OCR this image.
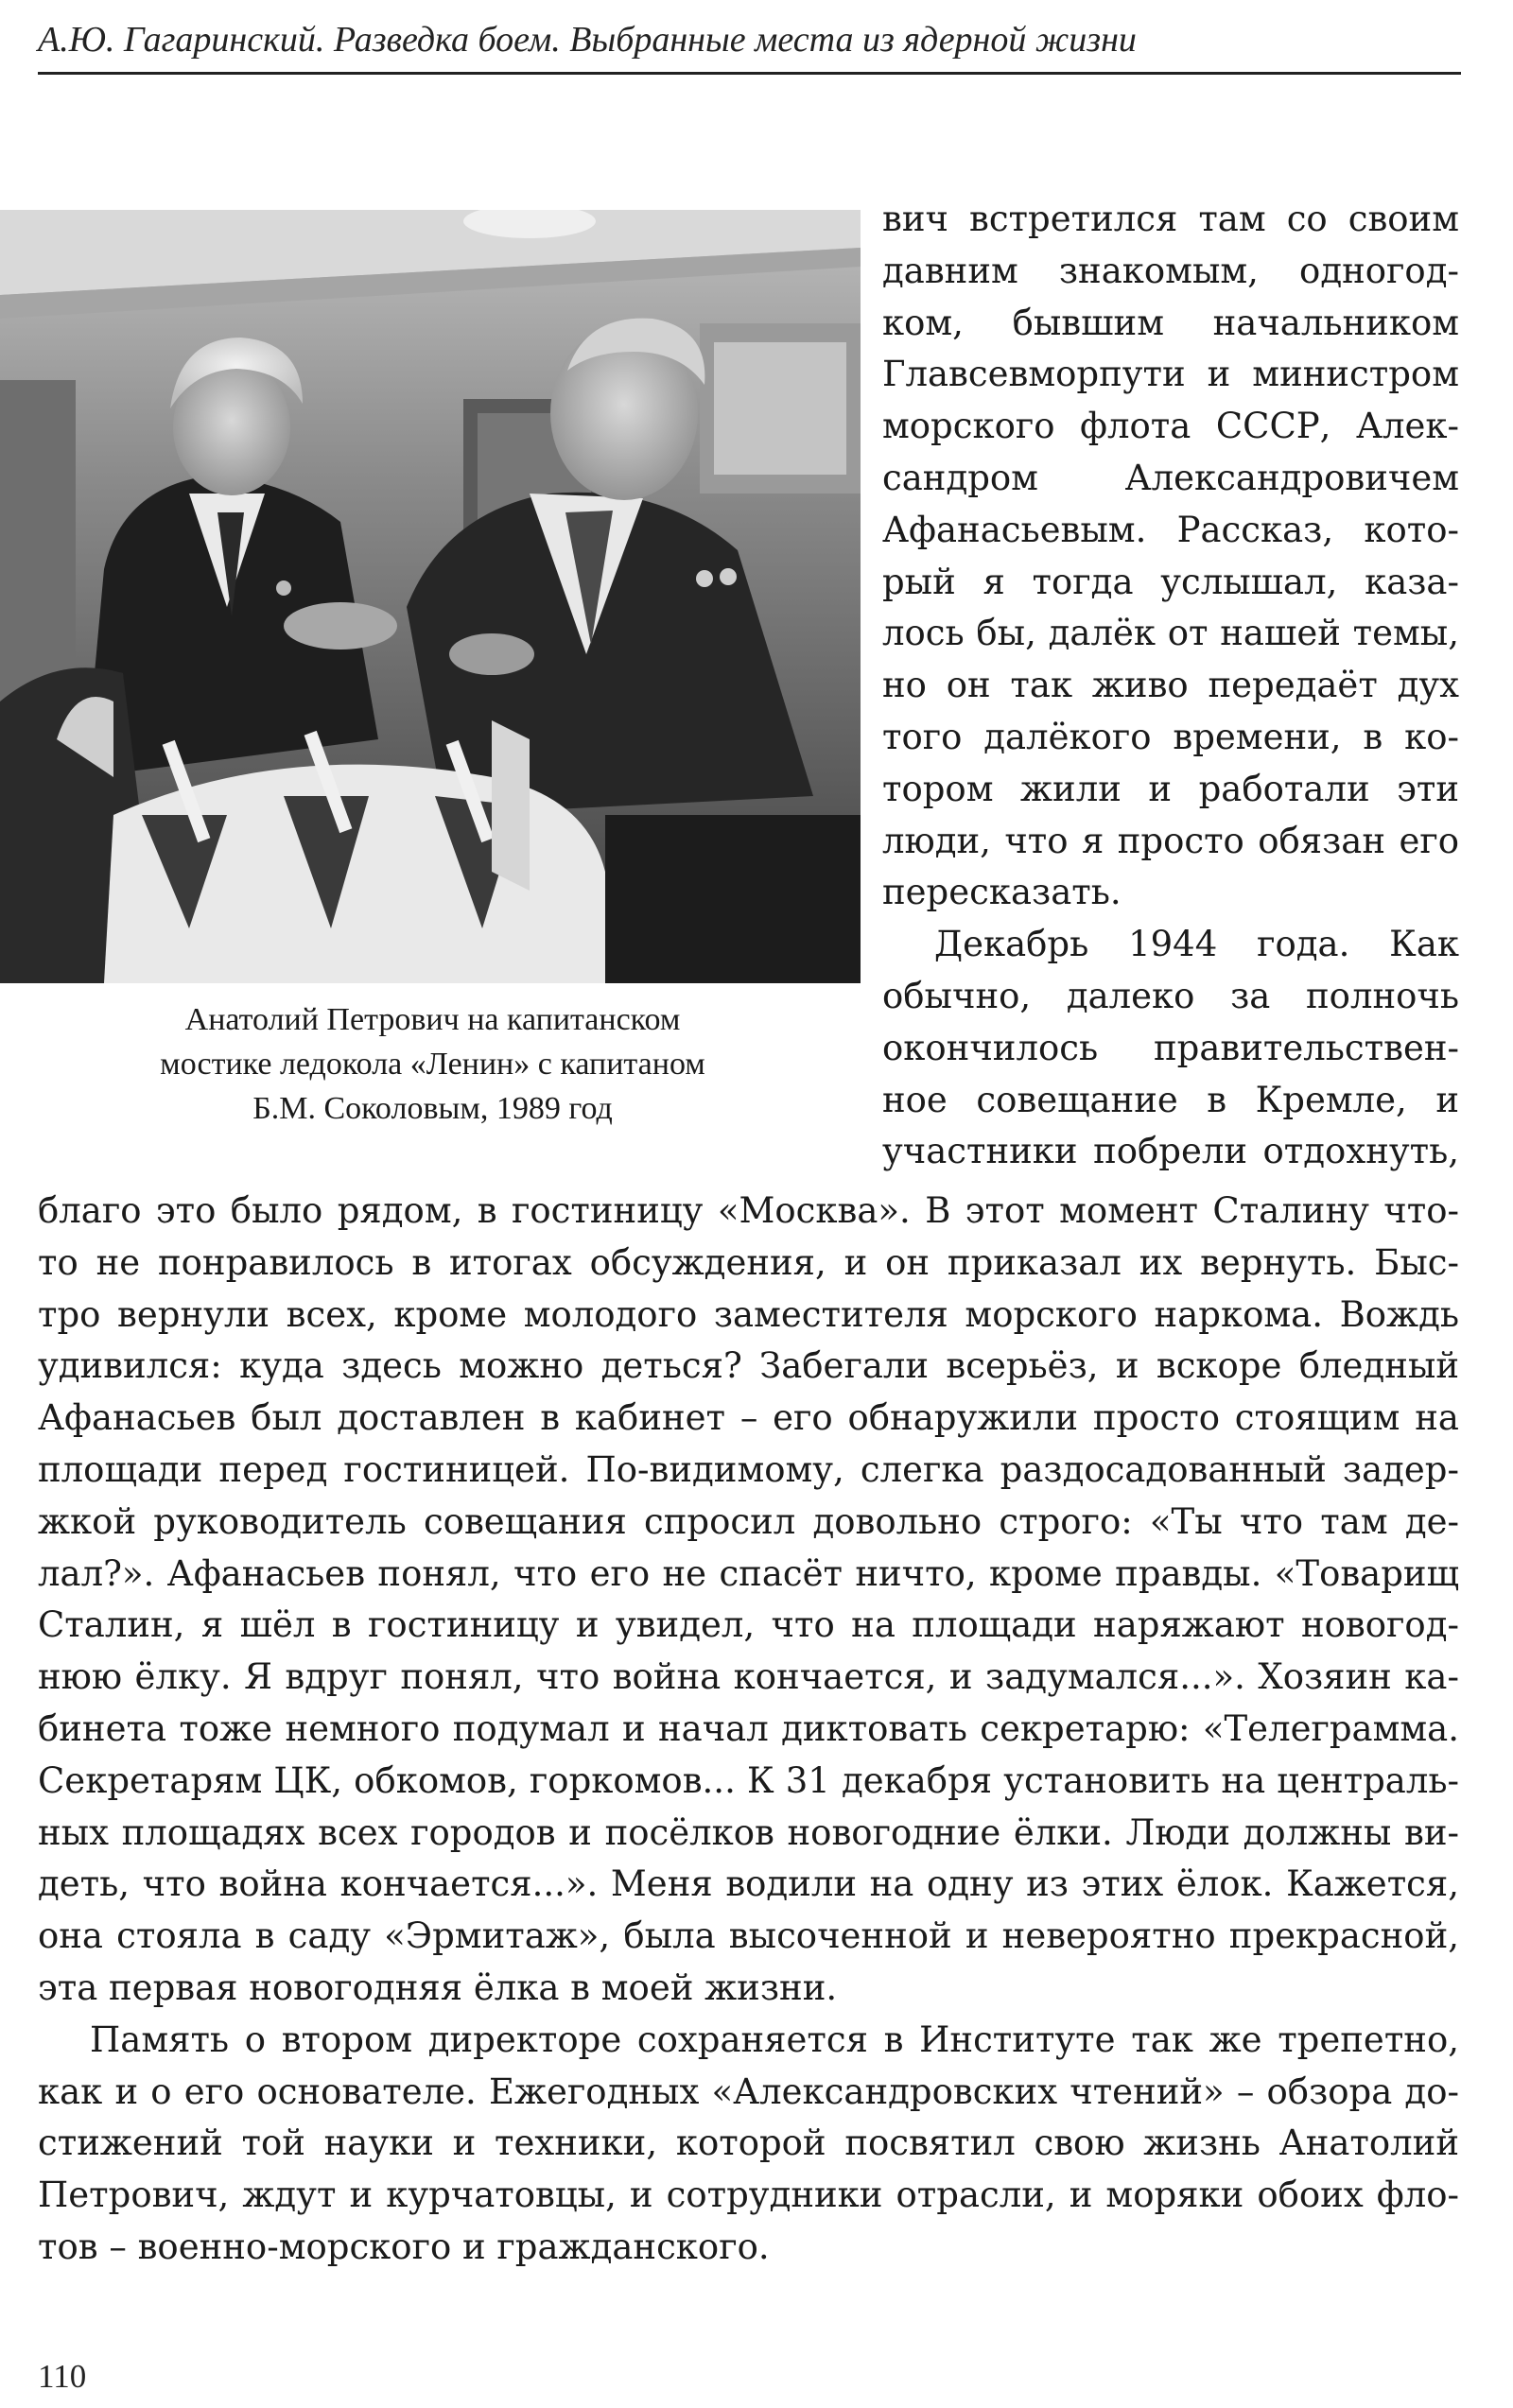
А.Ю. Гагаринский. Разведка боем. Выбранные места из ядерной жизни
Анатолий Петрович на капитанском
мостике ледокола «Ленин» с капитаном
Б.М. Соколовым, 1989 год
вич встретился там со своим
давним знакомым, одногод-
ком, бывшим начальником
Главсевморпути и министром
морского флота СССР, Алек-
сандром Александровичем
Афанасьевым. Рассказ, кото-
рый я тогда услышал, каза-
лось бы, далёк от нашей темы,
но он так живо передаёт дух
того далёкого времени, в ко-
тором жили и работали эти
люди, что я просто обязан его
пересказать.
Декабрь 1944 года. Как
обычно, далеко за полночь
окончилось правительствен-
ное совещание в Кремле, и
участники побрели отдохнуть,
благо это было рядом, в гостиницу «Москва». В этот момент Сталину что-
то не понравилось в итогах обсуждения, и он приказал их вернуть. Быс-
тро вернули всех, кроме молодого заместителя морского наркома. Вождь
удивился: куда здесь можно деться? Забегали всерьёз, и вскоре бледный
Афанасьев был доставлен в кабинет – его обнаружили просто стоящим на
площади перед гостиницей. По-видимому, слегка раздосадованный задер-
жкой руководитель совещания спросил довольно строго: «Ты что там де-
лал?». Афанасьев понял, что его не спасёт ничто, кроме правды. «Товарищ
Сталин, я шёл в гостиницу и увидел, что на площади наряжают новогод-
нюю ёлку. Я вдруг понял, что война кончается, и задумался...». Хозяин ка-
бинета тоже немного подумал и начал диктовать секретарю: «Телеграмма.
Секретарям ЦК, обкомов, горкомов... К 31 декабря установить на централь-
ных площадях всех городов и посёлков новогодние ёлки. Люди должны ви-
деть, что война кончается...». Меня водили на одну из этих ёлок. Кажется,
она стояла в саду «Эрмитаж», была высоченной и невероятно прекрасной,
эта первая новогодняя ёлка в моей жизни.
Память о втором директоре сохраняется в Институте так же трепетно,
как и о его основателе. Ежегодных «Александровских чтений» – обзора до-
стижений той науки и техники, которой посвятил свою жизнь Анатолий
Петрович, ждут и курчатовцы, и сотрудники отрасли, и моряки обоих фло-
тов – военно-морского и гражданского.
110
